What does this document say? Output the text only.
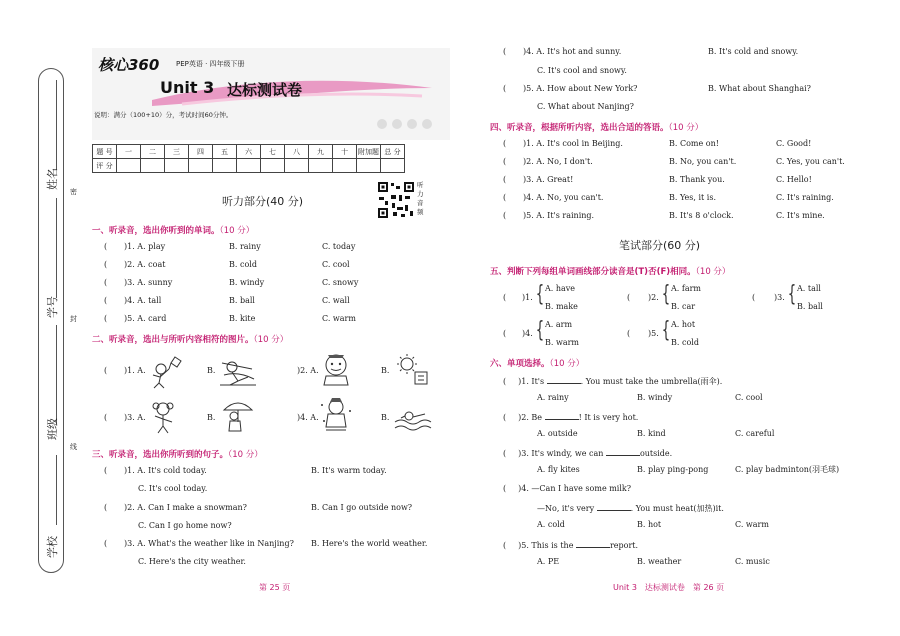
姓名
学号
班级
学校
密
封
线
核心360 PEP英语 · 四年级下册
Unit 3 达标测试卷
说明：满分（100+10）分，考试时间60分钟。
题 号	一	二	三	四	五	六	七	八	九	十	附加题	总 分
评 分												
听力音频
听力部分(40 分)
一、听录音，选出你听到的单词。（10 分）
( )1. A. play	B. rainy	C. today
( )2. A. coat	B. cold	C. cool
( )3. A. sunny	B. windy	C. snowy
( )4. A. tall	B. ball	C. wall
( )5. A. card	B. kite	C. warm
二、听录音，选出与所听内容相符的图片。（10 分）
( )1. A.	B.	)2. A.	B.
( )3. A.	B.	)4. A.	B.
三、听录音，选出你所听到的句子。（10 分）
( )1. A. It's cold today.	B. It's warm today.
C. It's cool today.
( )2. A. Can I make a snowman?	B. Can I go outside now?
C. Can I go home now?
( )3. A. What's the weather like in Nanjing? B. Here's the world weather.
C. Here's the city weather.
第 25 页
( )4. A. It's hot and sunny.	B. It's cold and snowy.
C. It's cool and snowy.
( )5. A. How about New York?	B. What about Shanghai?
C. What about Nanjing?
四、听录音，根据所听内容，选出合适的答语。（10 分）
( )1. A. It's cool in Beijing.	B. Come on!	C. Good!
( )2. A. No, I don't.	B. No, you can't.	C. Yes, you can't.
( )3. A. Great!	B. Thank you.	C. Hello!
( )4. A. No, you can't.	B. Yes, it is.	C. It's raining.
( )5. A. It's raining.	B. It's 8 o'clock.	C. It's mine.
笔试部分(60 分)
五、判断下列每组单词画线部分读音是(T)否(F)相同。（10 分）
( )1. { A. have
B. make
( )2. { A. farm
B. car
( )3. { A. tall
B. ball
( )4. { A. arm
B. warm
( )5. { A. hot
B. cold
六、单项选择。（10 分）
( )1. It's	. You must take the umbrella(雨伞).
A. rainy	B. windy	C. cool
( )2. Be	! It is very hot.
A. outside	B. kind	C. careful
( )3. It's windy, we can	outside.
A. fly kites	B. play ping-pong	C. play badminton(羽毛球)
( )4. —Can I have some milk?
—No, it's very	. You must heat(加热)it.
A. cold	B. hot	C. warm
( )5. This is the	report.
A. PE	B. weather	C. music
Unit 3　达标测试卷　第 26 页
